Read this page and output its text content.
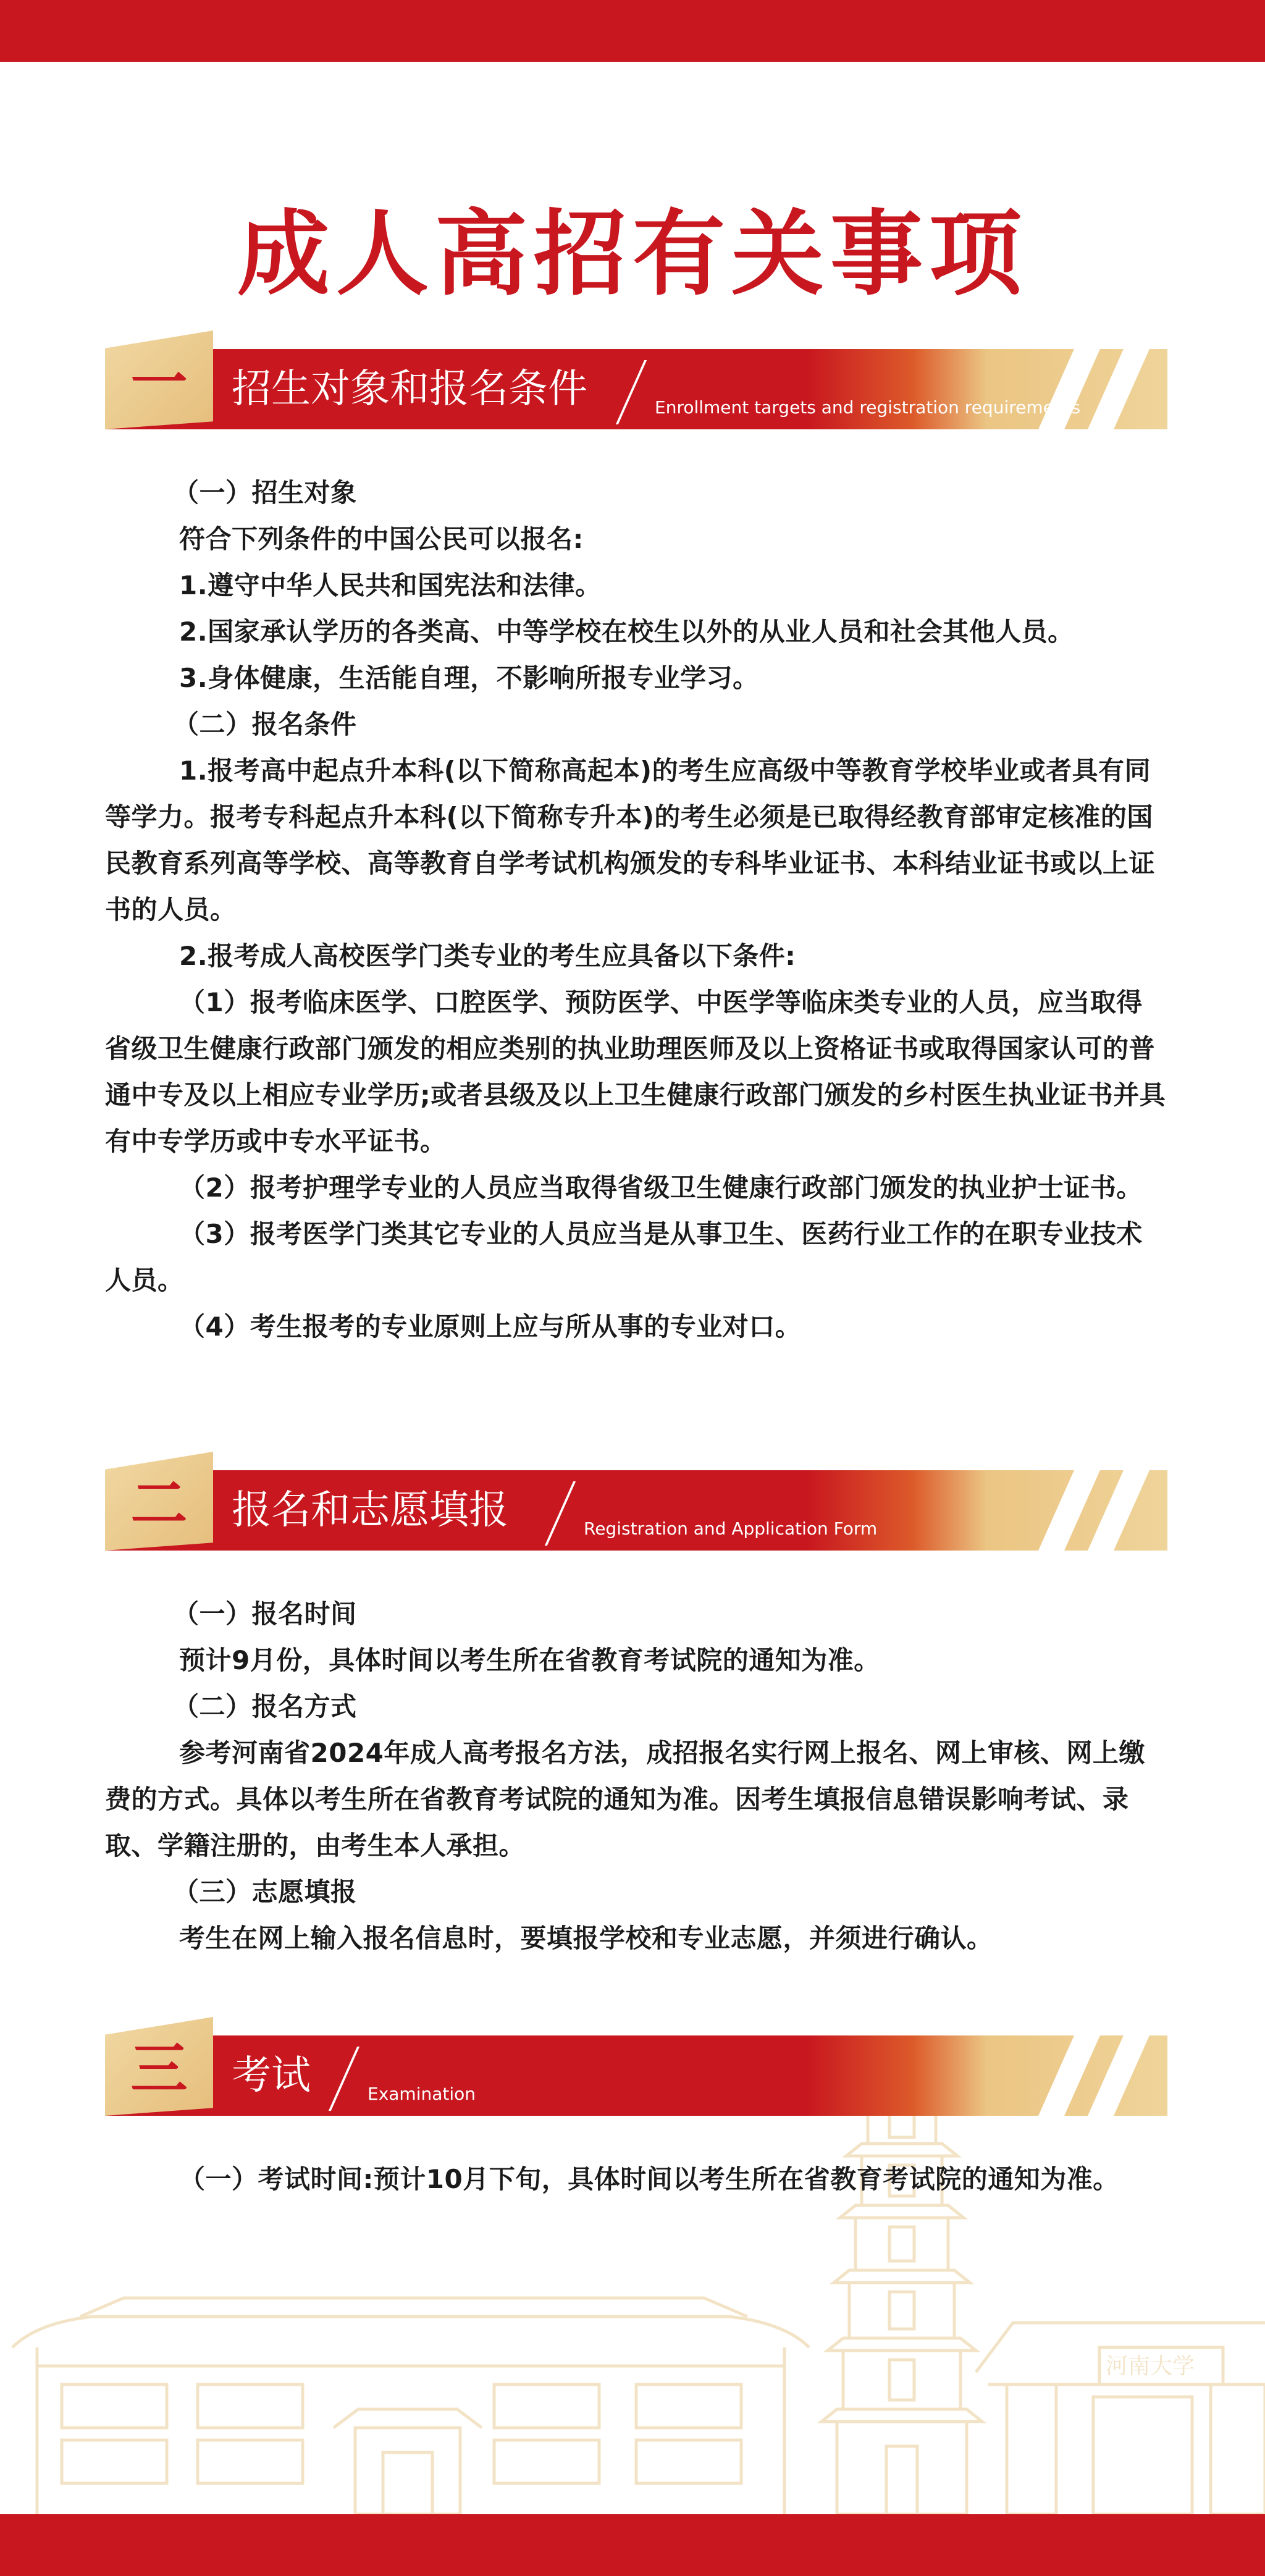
河南大学
成人高招有关事项
一	招生对象和报名条件	Enrollment targets and registration requirements

（一）招生对象

符合下列条件的中国公民可以报名:

1.遵守中华人民共和国宪法和法律。

2.国家承认学历的各类高、中等学校在校生以外的从业人员和社会其他人员。

3.身体健康，生活能自理，不影响所报专业学习。

（二）报名条件

1.报考高中起点升本科(以下简称高起本)的考生应高级中等教育学校毕业或者具有同等学力。报考专科起点升本科(以下简称专升本)的考生必须是已取得经教育部审定核准的国民教育系列高等学校、高等教育自学考试机构颁发的专科毕业证书、本科结业证书或以上证书的人员。

2.报考成人高校医学门类专业的考生应具备以下条件:

（1）报考临床医学、口腔医学、预防医学、中医学等临床类专业的人员，应当取得省级卫生健康行政部门颁发的相应类别的执业助理医师及以上资格证书或取得国家认可的普通中专及以上相应专业学历;或者县级及以上卫生健康行政部门颁发的乡村医生执业证书并具有中专学历或中专水平证书。

（2）报考护理学专业的人员应当取得省级卫生健康行政部门颁发的执业护士证书。

（3）报考医学门类其它专业的人员应当是从事卫生、医药行业工作的在职专业技术人员。

（4）考生报考的专业原则上应与所从事的专业对口。

二	报名和志愿填报	Registration and Application Form

（一）报名时间

预计9月份，具体时间以考生所在省教育考试院的通知为准。

（二）报名方式

参考河南省2024年成人高考报名方法，成招报名实行网上报名、网上审核、网上缴费的方式。具体以考生所在省教育考试院的通知为准。因考生填报信息错误影响考试、录取、学籍注册的，由考生本人承担。

（三）志愿填报

考生在网上输入报名信息时，要填报学校和专业志愿，并须进行确认。

三	考试	Examination

（一）考试时间:预计10月下旬，具体时间以考生所在省教育考试院的通知为准。
